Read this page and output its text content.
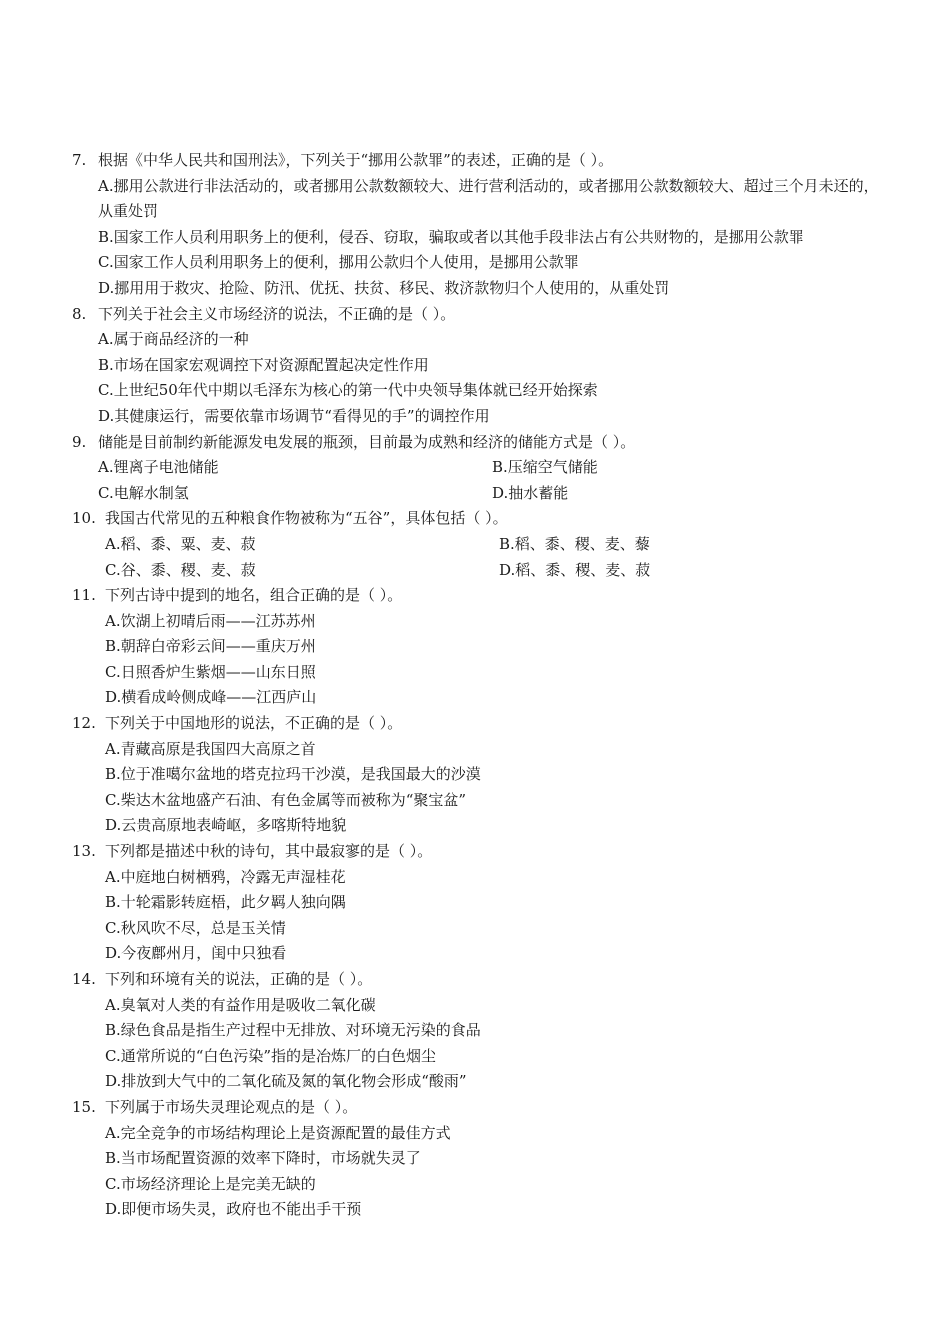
7. 根据《中华人民共和国刑法》，下列关于“挪用公款罪”的表述，正确的是（ ）。
A.挪用公款进行非法活动的，或者挪用公款数额较大、进行营利活动的，或者挪用公款数额较大、超过三个月未还的，从重处罚
B.国家工作人员利用职务上的便利，侵吞、窃取，骗取或者以其他手段非法占有公共财物的，是挪用公款罪
C.国家工作人员利用职务上的便利，挪用公款归个人使用，是挪用公款罪
D.挪用用于救灾、抢险、防汛、优抚、扶贫、移民、救济款物归个人使用的，从重处罚
8. 下列关于社会主义市场经济的说法，不正确的是（ ）。
A.属于商品经济的一种
B.市场在国家宏观调控下对资源配置起决定性作用
C.上世纪50年代中期以毛泽东为核心的第一代中央领导集体就已经开始探索
D.其健康运行，需要依靠市场调节“看得见的手”的调控作用
9. 储能是目前制约新能源发电发展的瓶颈，目前最为成熟和经济的储能方式是（ ）。
A.锂离子电池储能	B.压缩空气储能
C.电解水制氢	D.抽水蓄能
10. 我国古代常见的五种粮食作物被称为“五谷”，具体包括（ ）。
A.稻、黍、粟、麦、菽	B.稻、黍、稷、麦、藜
C.谷、黍、稷、麦、菽	D.稻、黍、稷、麦、菽
11. 下列古诗中提到的地名，组合正确的是（ ）。
A.饮湖上初晴后雨——江苏苏州
B.朝辞白帝彩云间——重庆万州
C.日照香炉生紫烟——山东日照
D.横看成岭侧成峰——江西庐山
12. 下列关于中国地形的说法，不正确的是（ ）。
A.青藏高原是我国四大高原之首
B.位于准噶尔盆地的塔克拉玛干沙漠，是我国最大的沙漠
C.柴达木盆地盛产石油、有色金属等而被称为“聚宝盆”
D.云贵高原地表崎岖，多喀斯特地貌
13. 下列都是描述中秋的诗句，其中最寂寥的是（ ）。
A.中庭地白树栖鸦，冷露无声湿桂花
B.十轮霜影转庭梧，此夕羁人独向隅
C.秋风吹不尽，总是玉关情
D.今夜鄜州月，闺中只独看
14. 下列和环境有关的说法，正确的是（ ）。
A.臭氧对人类的有益作用是吸收二氧化碳
B.绿色食品是指生产过程中无排放、对环境无污染的食品
C.通常所说的“白色污染”指的是冶炼厂的白色烟尘
D.排放到大气中的二氧化硫及氮的氧化物会形成“酸雨”
15. 下列属于市场失灵理论观点的是（ ）。
A.完全竞争的市场结构理论上是资源配置的最佳方式
B.当市场配置资源的效率下降时，市场就失灵了
C.市场经济理论上是完美无缺的
D.即便市场失灵，政府也不能出手干预
